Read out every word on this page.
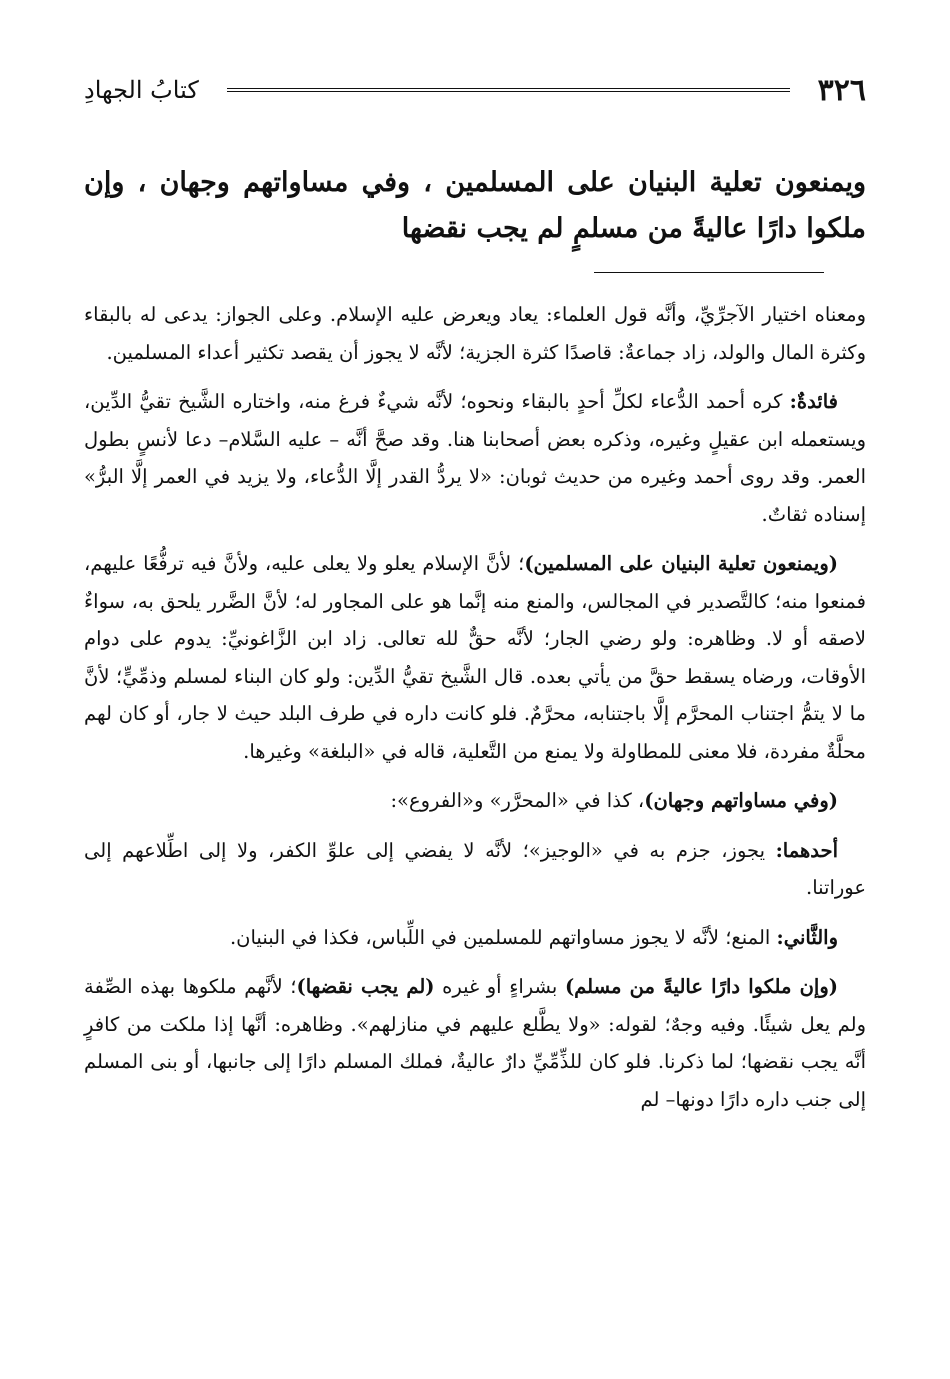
٣٢٦
كتابُ الجهادِ
ويمنعون تعلية البنيان على المسلمين ، وفي مساواتهم وجهان ، وإن ملكوا دارًا عاليةً من مسلمٍ لم يجب نقضها

ومعناه اختيار الآجرِّيِّ، وأنَّه قول العلماء: يعاد ويعرض عليه الإسلام. وعلى الجواز: يدعى له بالبقاء وكثرة المال والولد، زاد جماعةٌ: قاصدًا كثرة الجزية؛ لأنَّه لا يجوز أن يقصد تكثير أعداء المسلمين.

فائدةٌ: كره أحمد الدُّعاء لكلِّ أحدٍ بالبقاء ونحوه؛ لأنَّه شيءٌ فرغ منه، واختاره الشَّيخ تقيُّ الدِّين، ويستعمله ابن عقيلٍ وغيره، وذكره بعض أصحابنا هنا. وقد صحَّ أنَّه – عليه السَّلام– دعا لأنسٍ بطول العمر. وقد روى أحمد وغيره من حديث ثوبان: «لا يردُّ القدر إلَّا الدُّعاء، ولا يزيد في العمر إلَّا البرُّ» إسناده ثقاتٌ.

(ويمنعون تعلية البنيان على المسلمين)؛ لأنَّ الإسلام يعلو ولا يعلى عليه، ولأنَّ فيه ترفُّعًا عليهم، فمنعوا منه؛ كالتَّصدير في المجالس، والمنع منه إنَّما هو على المجاور له؛ لأنَّ الضَّرر يلحق به، سواءٌ لاصقه أو لا. وظاهره: ولو رضي الجار؛ لأنَّه حقٌّ لله تعالى. زاد ابن الزَّاغونيِّ: يدوم على دوام الأوقات، ورضاه يسقط حقَّ من يأتي بعده. قال الشَّيخ تقيُّ الدِّين: ولو كان البناء لمسلم وذمِّيٍّ؛ لأنَّ ما لا يتمُّ اجتناب المحرَّم إلَّا باجتنابه، محرَّمٌ. فلو كانت داره في طرف البلد حيث لا جار، أو كان لهم محلَّةٌ مفردة، فلا معنى للمطاولة ولا يمنع من التَّعلية، قاله في «البلغة» وغيرها.

(وفي مساواتهم وجهان)، كذا في «المحرَّر» و«الفروع»:

أحدهما: يجوز، جزم به في «الوجيز»؛ لأنَّه لا يفضي إلى علوِّ الكفر، ولا إلى اطِّلاعهم إلى عوراتنا.

والثَّاني: المنع؛ لأنَّه لا يجوز مساواتهم للمسلمين في اللِّباس، فكذا في البنيان.

(وإن ملكوا دارًا عاليةً من مسلم) بشراءٍ أو غيره (لم يجب نقضها)؛ لأنَّهم ملكوها بهذه الصِّفة ولم يعل شيئًا. وفيه وجهٌ؛ لقوله: «ولا يطَّلع عليهم في منازلهم». وظاهره: أنَّها إذا ملكت من كافرٍ أنَّه يجب نقضها؛ لما ذكرنا. فلو كان للذِّمِّيِّ دارٌ عاليةٌ، فملك المسلم دارًا إلى جانبها، أو بنى المسلم إلى جنب داره دارًا دونها– لم
